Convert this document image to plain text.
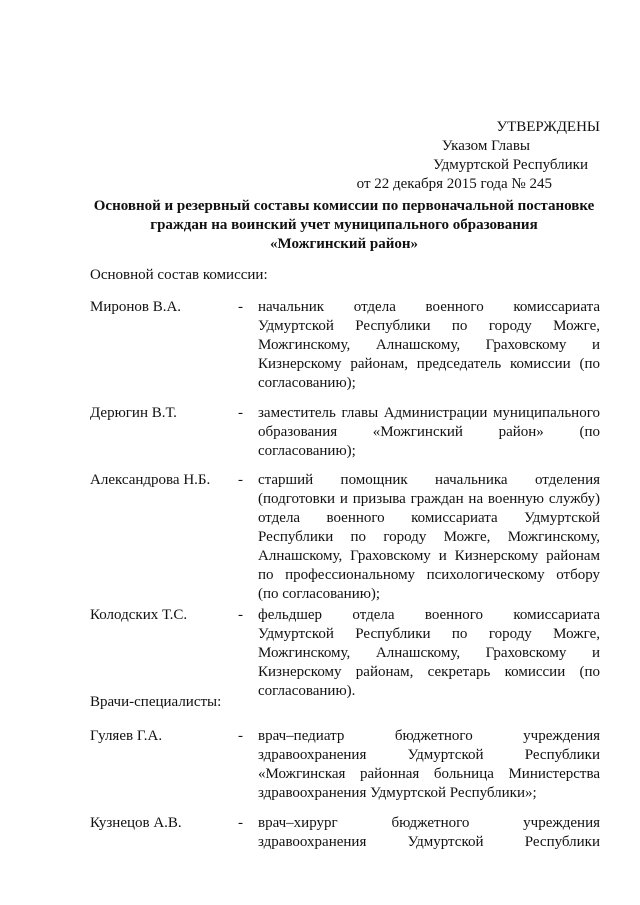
УТВЕРЖДЕНЫ
Указом Главы
Удмуртской Республики
от 22 декабря 2015 года № 245
Основной и резервный составы комиссии по первоначальной постановке
граждан на воинский учет муниципального образования
«Можгинский район»
Основной состав комиссии:
Миронов В.А.	- начальник отдела военного комиссариата
Удмуртской Республики по городу Можге,
Можгинскому, Алнашскому, Граховскому и
Кизнерскому районам, председатель комиссии (по
согласованию);
Дерюгин В.Т.	- заместитель главы Администрации муниципального
образования «Можгинский район» (по
согласованию);
Александрова Н.Б. - старший помощник начальника отделения
(подготовки и призыва граждан на военную службу)
отдела военного комиссариата Удмуртской
Республики по городу Можге, Можгинскому,
Алнашскому, Граховскому и Кизнерскому районам
по профессиональному психологическому отбору
(по согласованию);
Колодских Т.С.	- фельдшер отдела военного комиссариата
Удмуртской Республики по городу Можге,
Можгинскому, Алнашскому, Граховскому и
Кизнерскому районам, секретарь комиссии (по
согласованию).
Врачи-специалисты:
Гуляев Г.А.	- врач–педиатр бюджетного учреждения
здравоохранения Удмуртской Республики
«Можгинская районная больница Министерства
здравоохранения Удмуртской Республики»;
Кузнецов А.В.	- врач–хирург бюджетного учреждения
здравоохранения Удмуртской Республики
